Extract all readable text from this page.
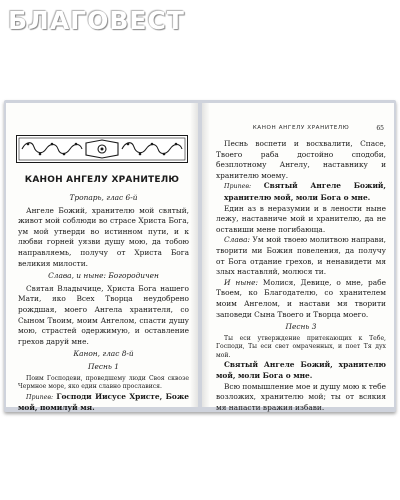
БЛАГОВЕСТ
КАНОН АНГЕЛУ ХРАНИТЕЛЮ

Тропарь, глас 6-й

Ангеле Божий, хранителю мой святый, живот мой соблюди во страсе Христа Бога, ум мой утверди во истинном пути, и к любви горней уязви душу мою, да тобою направляемь, получу от Христа Бога великия милости.

Слава, и ныне: Богородичен

Святая Владычице, Христа Бога нашего Мати, яко Всех Творца неудобрено рождшая, моего Ангела хранителя, со Сыном Твоим, моим Ангелом, спасти душу мою, страстей одержимую, и оставление грехов даруй мне.

Канон, глас 8-й

Песнь 1

Поим Господеви, проведшему люди Своя сквозе Чермное море, яко един славно прославися.

Припев: Господи Иисусе Христе, Боже мой, помилуй мя.

КАНОН АНГЕЛУ ХРАНИТЕЛЮ	65

Песнь воспети и восхвалити, Спасе, Твоего раба достойно сподоби, безплотному Ангелу, наставнику и хранителю моему.

Припев: Святый Ангеле Божий, хранителю мой, моли Бога о мне.

Един аз в неразумии и в лености ныне лежу, наставниче мой и хранителю, да не оставиши мене погибающа.

Слава: Ум мой твоею молитвою направи, творити ми Божия повеления, да получу от Бога отдание грехов, и ненавидети мя злых наставляй, молюся ти.

И ныне: Молися, Девице, о мне, рабе Твоем, ко Благодателю, со хранителем моим Ангелом, и настави мя творити заповеди Сына Твоего и Творца моего.

Песнь 3

Ты еси утверждение притекающих к Тебе, Господи, Ты еси свет омраченных, и поет Тя дух мой.

Святый Ангеле Божий, хранителю мой, моли Бога о мне.

Всю помышление мое и душу мою к тебе возложих, хранителю мой; ты от всякия мя напасти вражия избави.
